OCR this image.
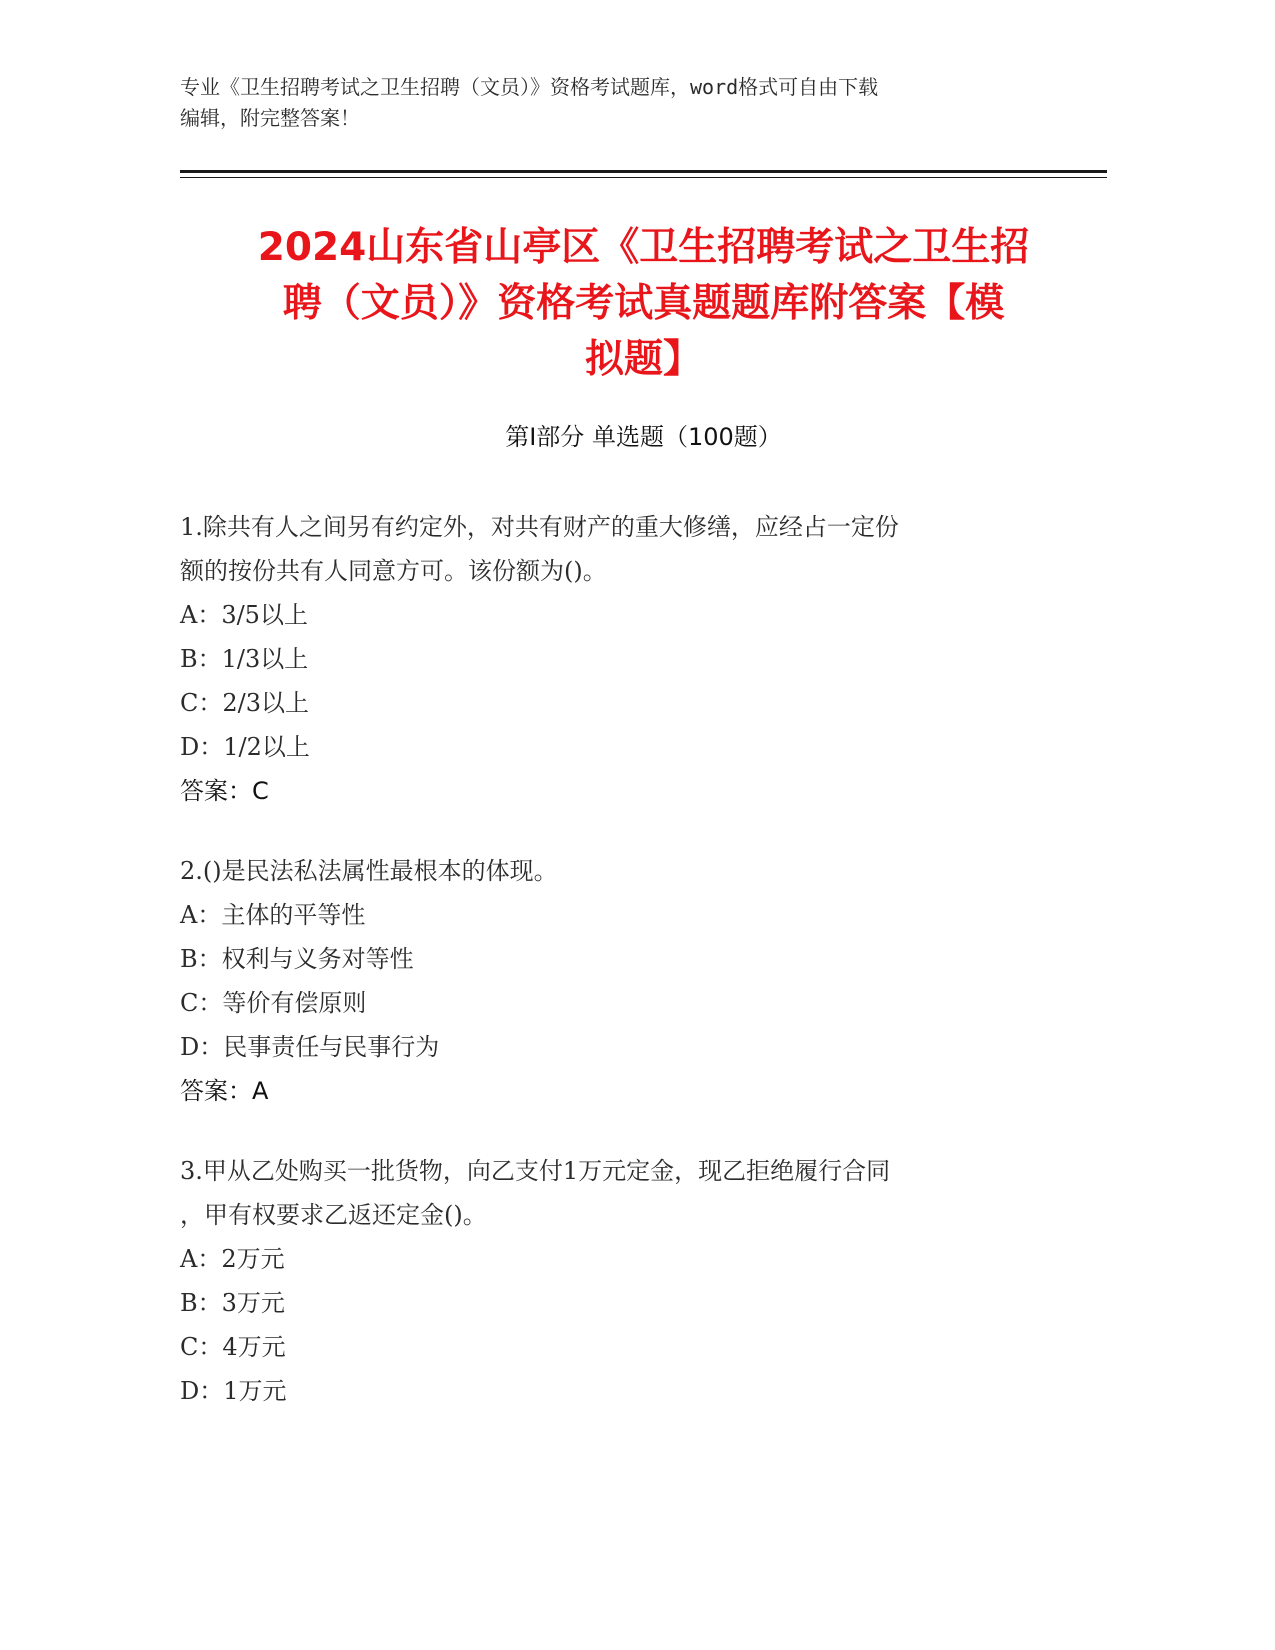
专业《卫生招聘考试之卫生招聘（文员）》资格考试题库，word格式可自由下载
编辑，附完整答案！
2024山东省山亭区《卫生招聘考试之卫生招
聘（文员）》资格考试真题题库附答案【模
拟题】
第Ⅰ部分 单选题（100题）

1.除共有人之间另有约定外，对共有财产的重大修缮，应经占一定份

额的按份共有人同意方可。该份额为()。

A：3/5以上

B：1/3以上

C：2/3以上

D：1/2以上

答案：C

2.()是民法私法属性最根本的体现。

A：主体的平等性

B：权利与义务对等性

C：等价有偿原则

D：民事责任与民事行为

答案：A

3.甲从乙处购买一批货物，向乙支付1万元定金，现乙拒绝履行合同

，甲有权要求乙返还定金()。

A：2万元

B：3万元

C：4万元

D：1万元
